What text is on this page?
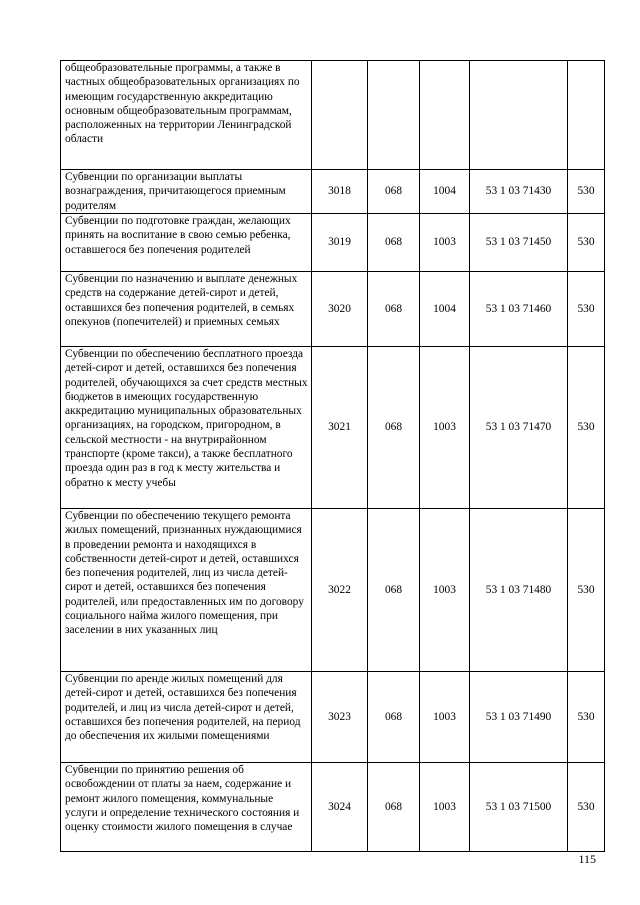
общеобразовательные программы, а также в частных общеобразовательных организациях по имеющим государственную аккредитацию основным общеобразовательным программам, расположенных на территории Ленинградской области					
Субвенции по организации выплаты вознаграждения, причитающегося приемным родителям	3018	068	1004	53 1 03 71430	530
Субвенции по подготовке граждан, желающих принять на воспитание в свою семью ребенка, оставшегося без попечения родителей	3019	068	1003	53 1 03 71450	530
Субвенции по назначению и выплате денежных средств на содержание детей-сирот и детей, оставшихся без попечения родителей, в семьях опекунов (попечителей) и приемных семьях	3020	068	1004	53 1 03 71460	530
Субвенции по обеспечению бесплатного проезда детей-сирот и детей, оставшихся без попечения родителей, обучающихся за счет средств местных бюджетов в имеющих государственную аккредитацию муниципальных образовательных организациях, на городском, пригородном, в сельской местности - на внутрирайонном транспорте (кроме такси), а также бесплатного проезда один раз в год к месту жительства и обратно к месту учебы	3021	068	1003	53 1 03 71470	530
Субвенции по обеспечению текущего ремонта жилых помещений, признанных нуждающимися в проведении ремонта и находящихся в собственности детей-сирот и детей, оставшихся без попечения родителей, лиц из числа детей-сирот и детей, оставшихся без попечения родителей, или предоставленных им по договору социального найма жилого помещения, при заселении в них указанных лиц	3022	068	1003	53 1 03 71480	530
Субвенции по аренде жилых помещений для детей-сирот и детей, оставшихся без попечения родителей, и лиц из числа детей-сирот и детей, оставшихся без попечения родителей, на период до обеспечения их жилыми помещениями	3023	068	1003	53 1 03 71490	530
Субвенции по принятию решения об освобождении от платы за наем, содержание и ремонт жилого помещения, коммунальные услуги и определение технического состояния и оценку стоимости жилого помещения в случае	3024	068	1003	53 1 03 71500	530
115
